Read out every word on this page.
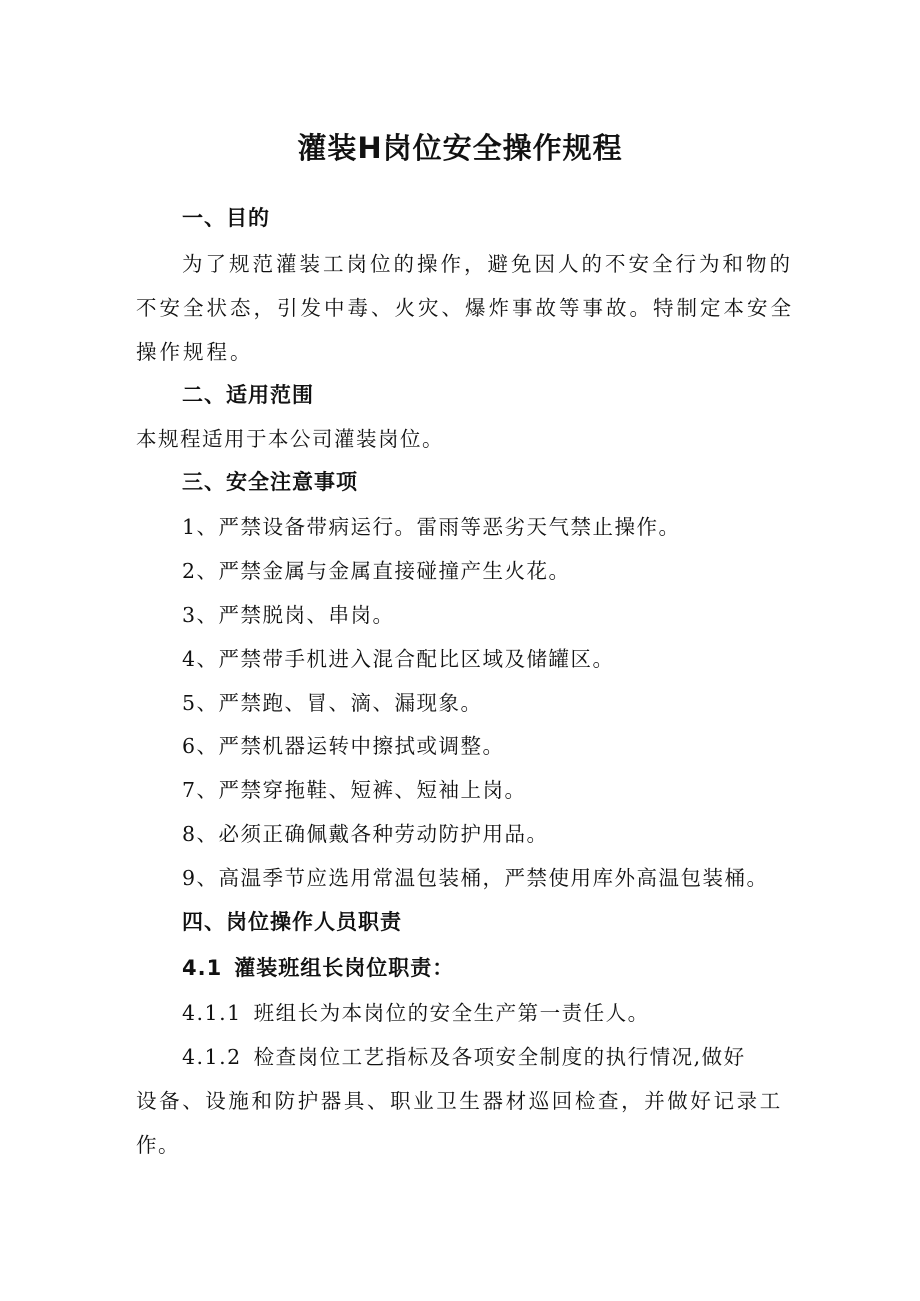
灌装H岗位安全操作规程
一、目的
为了规范灌装工岗位的操作，避免因人的不安全行为和物的
不安全状态，引发中毒、火灾、爆炸事故等事故。特制定本安全
操作规程。
二、适用范围
本规程适用于本公司灌装岗位。
三、安全注意事项
1、严禁设备带病运行。雷雨等恶劣天气禁止操作。
2、严禁金属与金属直接碰撞产生火花。
3、严禁脱岗、串岗。
4、严禁带手机进入混合配比区域及储罐区。
5、严禁跑、冒、滴、漏现象。
6、严禁机器运转中擦拭或调整。
7、严禁穿拖鞋、短裤、短袖上岗。
8、必须正确佩戴各种劳动防护用品。
9、高温季节应选用常温包装桶，严禁使用库外高温包装桶。
四、岗位操作人员职责
4.1 灌装班组长岗位职责：
4.1.1 班组长为本岗位的安全生产第一责任人。
4.1.2 检查岗位工艺指标及各项安全制度的执行情况,做好
设备、设施和防护器具、职业卫生器材巡回检查，并做好记录工
作。
